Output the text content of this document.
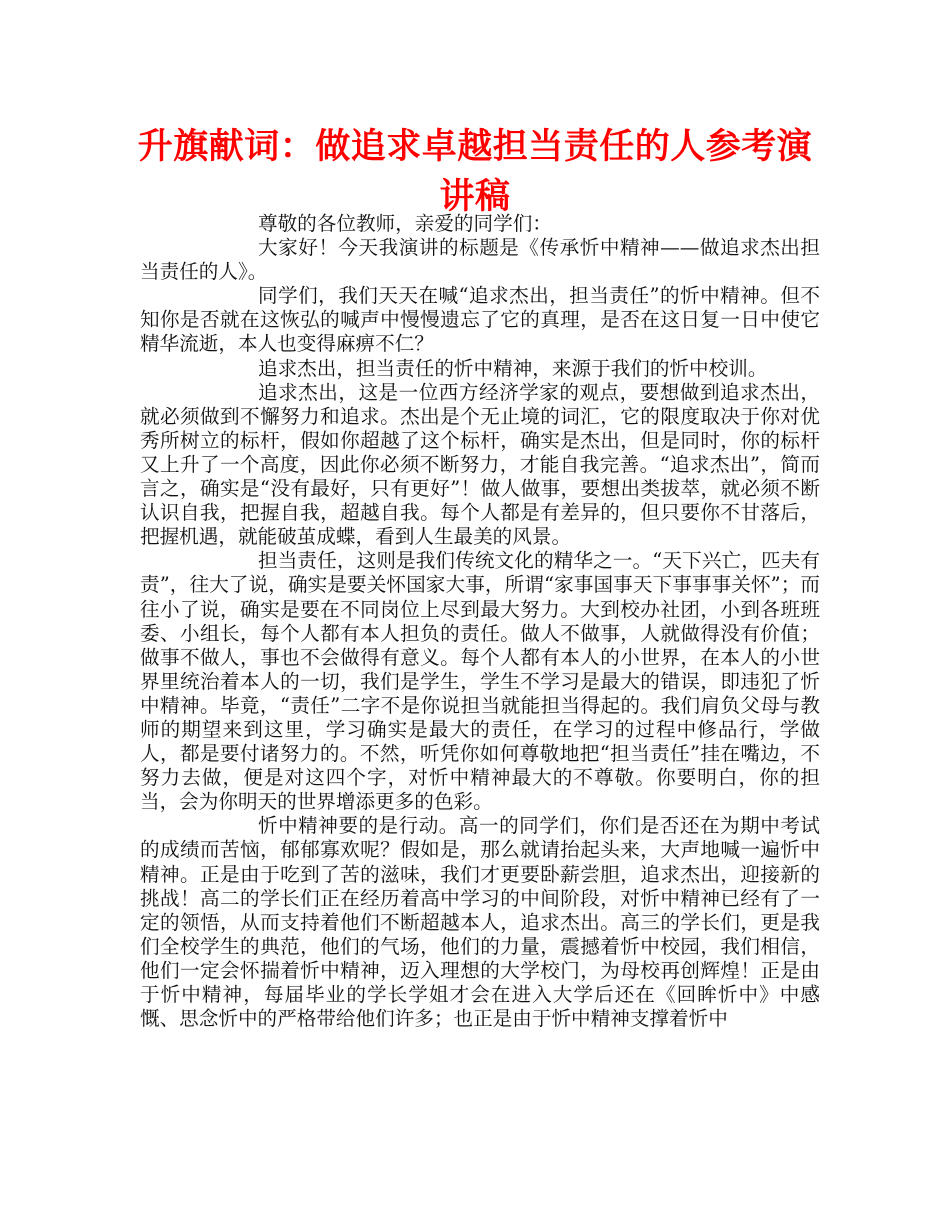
升旗献词：做追求卓越担当责任的人参考演讲稿

尊敬的各位教师，亲爱的同学们：

大家好！今天我演讲的标题是《传承忻中精神——做追求杰出担当责任的人》。

同学们，我们天天在喊“追求杰出，担当责任”的忻中精神。但不知你是否就在这恢弘的喊声中慢慢遗忘了它的真理，是否在这日复一日中使它精华流逝，本人也变得麻痹不仁？

追求杰出，担当责任的忻中精神，来源于我们的忻中校训。

追求杰出，这是一位西方经济学家的观点，要想做到追求杰出，就必须做到不懈努力和追求。杰出是个无止境的词汇，它的限度取决于你对优秀所树立的标杆，假如你超越了这个标杆，确实是杰出，但是同时，你的标杆又上升了一个高度，因此你必须不断努力，才能自我完善。“追求杰出”，简而言之，确实是“没有最好，只有更好”！做人做事，要想出类拔萃，就必须不断认识自我，把握自我，超越自我。每个人都是有差异的，但只要你不甘落后，把握机遇，就能破茧成蝶，看到人生最美的风景。

担当责任，这则是我们传统文化的精华之一。“天下兴亡，匹夫有责”，往大了说，确实是要关怀国家大事，所谓“家事国事天下事事事关怀”；而往小了说，确实是要在不同岗位上尽到最大努力。大到校办社团，小到各班班委、小组长，每个人都有本人担负的责任。做人不做事，人就做得没有价值；做事不做人，事也不会做得有意义。每个人都有本人的小世界，在本人的小世界里统治着本人的一切，我们是学生，学生不学习是最大的错误，即违犯了忻中精神。毕竟，“责任”二字不是你说担当就能担当得起的。我们肩负父母与教师的期望来到这里，学习确实是最大的责任，在学习的过程中修品行，学做人，都是要付诸努力的。不然，听凭你如何尊敬地把“担当责任”挂在嘴边，不努力去做，便是对这四个字，对忻中精神最大的不尊敬。你要明白，你的担当，会为你明天的世界增添更多的色彩。

忻中精神要的是行动。高一的同学们，你们是否还在为期中考试的成绩而苦恼，郁郁寡欢呢？假如是，那么就请抬起头来，大声地喊一遍忻中精神。正是由于吃到了苦的滋味，我们才更要卧薪尝胆，追求杰出，迎接新的挑战！高二的学长们正在经历着高中学习的中间阶段，对忻中精神已经有了一定的领悟，从而支持着他们不断超越本人，追求杰出。高三的学长们，更是我们全校学生的典范，他们的气场，他们的力量，震撼着忻中校园，我们相信，他们一定会怀揣着忻中精神，迈入理想的大学校门，为母校再创辉煌！正是由于忻中精神，每届毕业的学长学姐才会在进入大学后还在《回眸忻中》中感慨、思念忻中的严格带给他们许多；也正是由于忻中精神支撑着忻中
